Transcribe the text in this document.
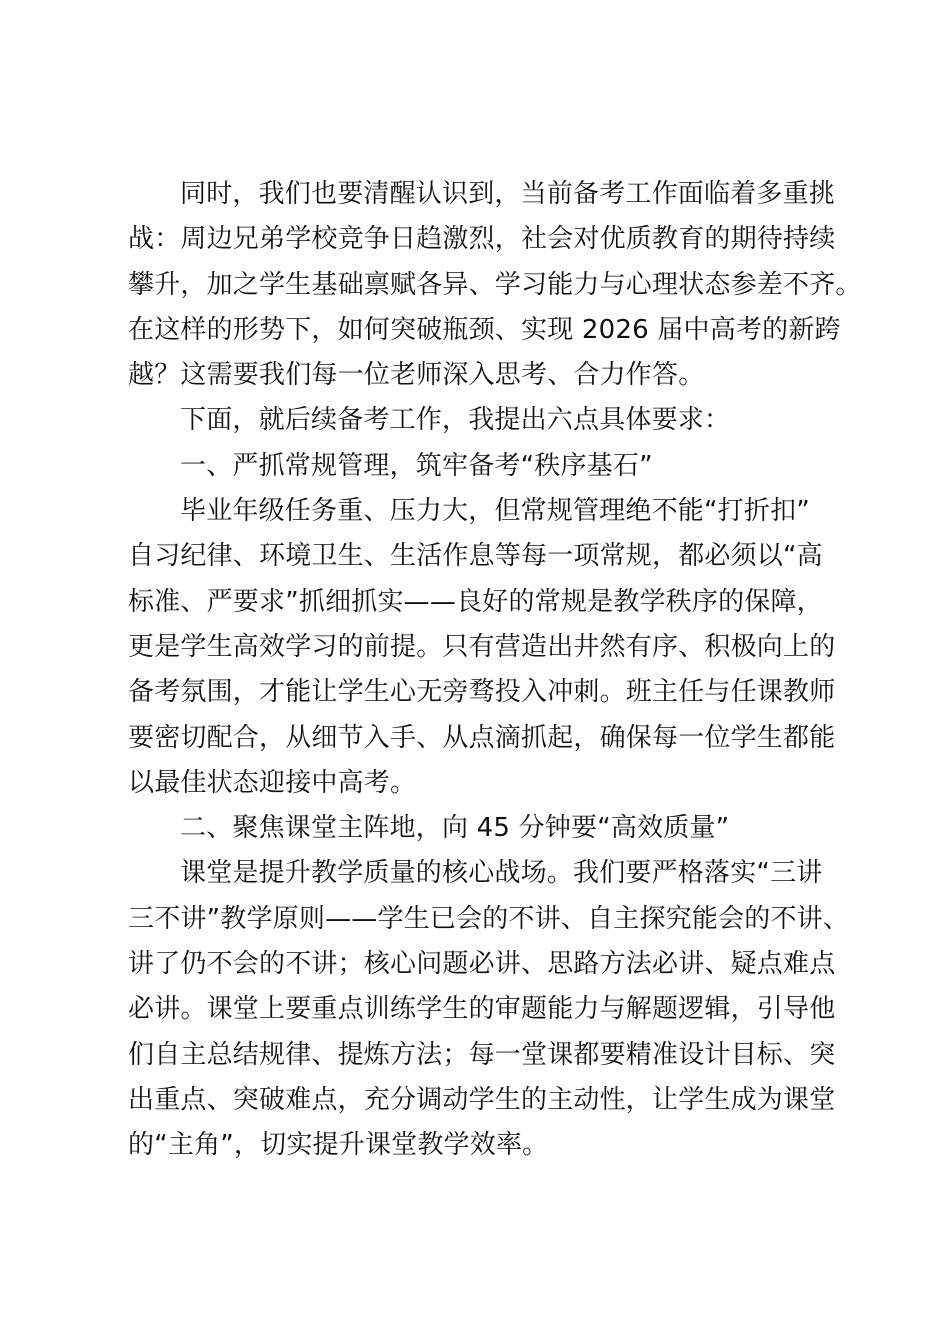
同时，我们也要清醒认识到，当前备考工作面临着多重挑
战：周边兄弟学校竞争日趋激烈，社会对优质教育的期待持续
攀升，加之学生基础禀赋各异、学习能力与心理状态参差不齐。
在这样的形势下，如何突破瓶颈、实现 2026 届中高考的新跨
越？这需要我们每一位老师深入思考、合力作答。
下面，就后续备考工作，我提出六点具体要求：
一、严抓常规管理，筑牢备考“秩序基石”
毕业年级任务重、压力大，但常规管理绝不能“打折扣”
自习纪律、环境卫生、生活作息等每一项常规，都必须以“高
标准、严要求”抓细抓实——良好的常规是教学秩序的保障，
更是学生高效学习的前提。只有营造出井然有序、积极向上的
备考氛围，才能让学生心无旁骛投入冲刺。班主任与任课教师
要密切配合，从细节入手、从点滴抓起，确保每一位学生都能
以最佳状态迎接中高考。
二、聚焦课堂主阵地，向 45 分钟要“高效质量”
课堂是提升教学质量的核心战场。我们要严格落实“三讲
三不讲”教学原则——学生已会的不讲、自主探究能会的不讲、
讲了仍不会的不讲；核心问题必讲、思路方法必讲、疑点难点
必讲。课堂上要重点训练学生的审题能力与解题逻辑，引导他
们自主总结规律、提炼方法；每一堂课都要精准设计目标、突
出重点、突破难点，充分调动学生的主动性，让学生成为课堂
的“主角”，切实提升课堂教学效率。
